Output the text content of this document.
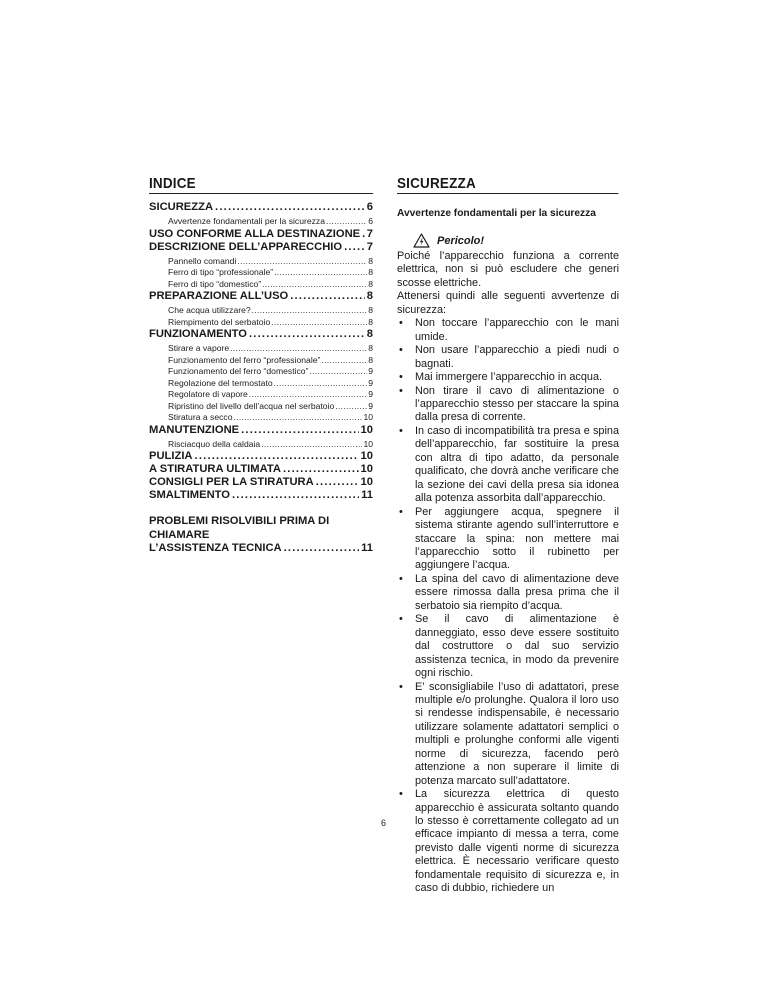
INDICE
SICUREZZA .....	6
Avvertenze fondamentali per la sicurezza .....	6
USO CONFORME ALLA DESTINAZIONE ..... 7
DESCRIZIONE DELL’APPARECCHIO ..... 7
Pannello comandi .....	8
Ferro di tipo “professionale” .....	8
Ferro di tipo “domestico” .....	8
PREPARAZIONE ALL’USO .....	8
Che acqua utilizzare? .....	8
Riempimento del serbatoio .....	8
FUNZIONAMENTO .....	8
Stirare a vapore .....	8
Funzionamento del ferro “professionale” .....	8
Funzionamento del ferro “domestico” .....	9
Regolazione del termostato .....	9
Regolatore di vapore .....	9
Ripristino del livello dell’acqua nel serbatoio .....	9
Stiratura a secco .....	10
MANUTENZIONE .....	10
Risciacquo della caldaia .....	10
PULIZIA .....	10
A STIRATURA ULTIMATA .....	10
CONSIGLI PER LA STIRATURA .....	10
SMALTIMENTO .....	11
PROBLEMI RISOLVIBILI PRIMA DI CHIAMARE
L’ASSISTENZA TECNICA .....	11
SICUREZZA
Avvertenze fondamentali per la sicurezza
Pericolo!
Poiché l’apparecchio funziona a corrente elettrica, non si può escludere che generi scosse elettriche.
Attenersi quindi alle seguenti avvertenze di sicurezza:
• Non toccare l’apparecchio con le mani umide.
• Non usare l’apparecchio a piedi nudi o bagnati.
• Mai immergere l’apparecchio in acqua.
• Non tirare il cavo di alimentazione o l’apparecchio stesso per staccare la spina dalla presa di corrente.
• In caso di incompatibilità tra presa e spina dell’apparecchio, far sostituire la presa con altra di tipo adatto, da personale qualificato, che dovrà anche verificare che la sezione dei cavi della presa sia idonea alla potenza assorbita dall’apparecchio.
• Per aggiungere acqua, spegnere il sistema stirante agendo sull’interruttore e staccare la spina: non mettere mai l’apparecchio sotto il rubinetto per aggiungere l’acqua.
• La spina del cavo di alimentazione deve essere rimossa dalla presa prima che il serbatoio sia riempito d’acqua.
• Se il cavo di alimentazione è danneggiato, esso deve essere sostituito dal costruttore o dal suo servizio assistenza tecnica, in modo da prevenire ogni rischio.
• E’ sconsigliabile l’uso di adattatori, prese multiple e/o prolunghe. Qualora il loro uso si rendesse indispensabile, è necessario utilizzare solamente adattatori semplici o multipli e prolunghe conformi alle vigenti norme di sicurezza, facendo però attenzione a non superare il limite di potenza marcato sull’adattatore.
• La sicurezza elettrica di questo apparecchio è assicurata soltanto quando lo stesso è correttamente collegato ad un efficace impianto di messa a terra, come previsto dalle vigenti norme di sicurezza elettrica. È necessario verificare questo fondamentale requisito di sicurezza e, in caso di dubbio, richiedere un
6
